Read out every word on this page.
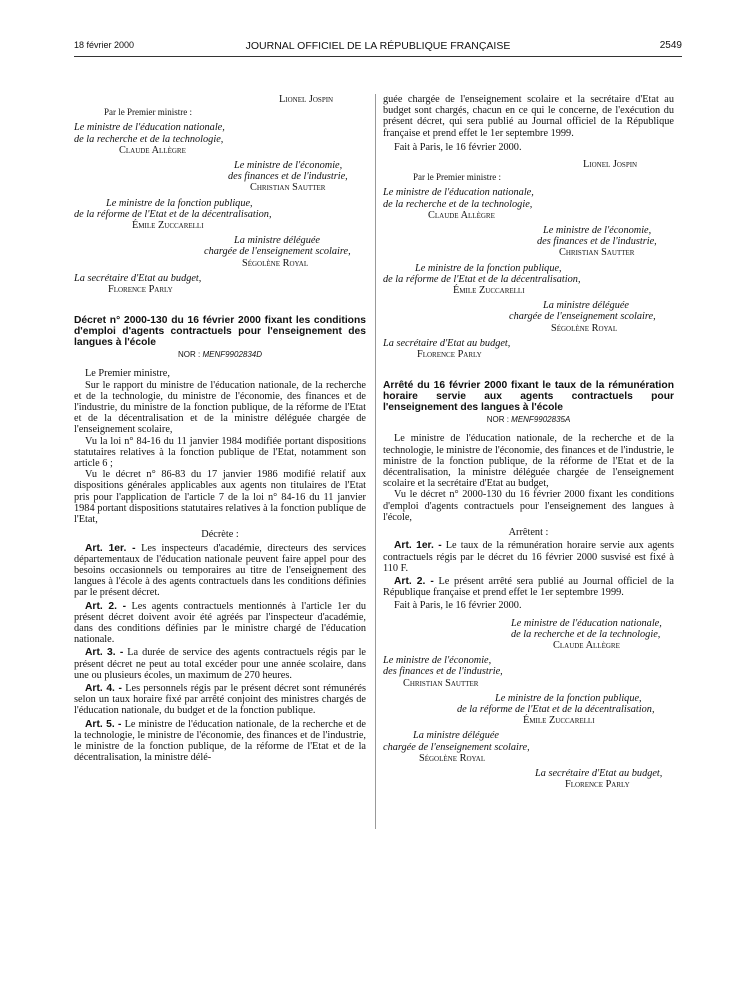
18 février 2000	JOURNAL OFFICIEL DE LA RÉPUBLIQUE FRANÇAISE	2549
Lionel Jospin
Par le Premier ministre :
Le ministre de l'éducation nationale,
de la recherche et de la technologie,
Claude Allègre
Le ministre de l'économie,
des finances et de l'industrie,
Christian Sautter
Le ministre de la fonction publique,
de la réforme de l'Etat et de la décentralisation,
Émile Zuccarelli
La ministre déléguée
chargée de l'enseignement scolaire,
Ségolène Royal
La secrétaire d'Etat au budget,
Florence Parly
Décret n° 2000-130 du 16 février 2000 fixant les conditions d'emploi d'agents contractuels pour l'enseignement des langues à l'école
NOR : MENF9902834D

Le Premier ministre,

Sur le rapport du ministre de l'éducation nationale, de la recherche et de la technologie, du ministre de l'économie, des finances et de l'industrie, du ministre de la fonction publique, de la réforme de l'Etat et de la décentralisation et de la ministre déléguée chargée de l'enseignement scolaire,

Vu la loi n° 84-16 du 11 janvier 1984 modifiée portant dispositions statutaires relatives à la fonction publique de l'Etat, notamment son article 6 ;

Vu le décret n° 86-83 du 17 janvier 1986 modifié relatif aux dispositions générales applicables aux agents non titulaires de l'Etat pris pour l'application de l'article 7 de la loi n° 84-16 du 11 janvier 1984 portant dispositions statutaires relatives à la fonction publique de l'Etat,

Décrète :

Art. 1er. - Les inspecteurs d'académie, directeurs des services départementaux de l'éducation nationale peuvent faire appel pour des besoins occasionnels ou temporaires au titre de l'enseignement des langues à l'école à des agents contractuels dans les conditions définies par le présent décret.

Art. 2. - Les agents contractuels mentionnés à l'article 1er du présent décret doivent avoir été agréés par l'inspecteur d'académie, dans des conditions définies par le ministre chargé de l'éducation nationale.

Art. 3. - La durée de service des agents contractuels régis par le présent décret ne peut au total excéder pour une année scolaire, dans une ou plusieurs écoles, un maximum de 270 heures.

Art. 4. - Les personnels régis par le présent décret sont rémunérés selon un taux horaire fixé par arrêté conjoint des ministres chargés de l'éducation nationale, du budget et de la fonction publique.

Art. 5. - Le ministre de l'éducation nationale, de la recherche et de la technologie, le ministre de l'économie, des finances et de l'industrie, le ministre de la fonction publique, de la réforme de l'Etat et de la décentralisation, la ministre délé-

guée chargée de l'enseignement scolaire et la secrétaire d'Etat au budget sont chargés, chacun en ce qui le concerne, de l'exécution du présent décret, qui sera publié au Journal officiel de la République française et prend effet le 1er septembre 1999.

Fait à Paris, le 16 février 2000.

Lionel Jospin
Par le Premier ministre :
Le ministre de l'éducation nationale,
de la recherche et de la technologie,
Claude Allègre
Le ministre de l'économie,
des finances et de l'industrie,
Christian Sautter
Le ministre de la fonction publique,
de la réforme de l'Etat et de la décentralisation,
Émile Zuccarelli
La ministre déléguée
chargée de l'enseignement scolaire,
Ségolène Royal
La secrétaire d'Etat au budget,
Florence Parly
Arrêté du 16 février 2000 fixant le taux de la rémunération horaire servie aux agents contractuels pour l'enseignement des langues à l'école
NOR : MENF9902835A

Le ministre de l'éducation nationale, de la recherche et de la technologie, le ministre de l'économie, des finances et de l'industrie, le ministre de la fonction publique, de la réforme de l'Etat et de la décentralisation, la ministre déléguée chargée de l'enseignement scolaire et la secrétaire d'Etat au budget,

Vu le décret n° 2000-130 du 16 février 2000 fixant les conditions d'emploi d'agents contractuels pour l'enseignement des langues à l'école,

Arrêtent :

Art. 1er. - Le taux de la rémunération horaire servie aux agents contractuels régis par le décret du 16 février 2000 susvisé est fixé à 110 F.

Art. 2. - Le présent arrêté sera publié au Journal officiel de la République française et prend effet le 1er septembre 1999.

Fait à Paris, le 16 février 2000.

Le ministre de l'éducation nationale,
de la recherche et de la technologie,
Claude Allègre
Le ministre de l'économie,
des finances et de l'industrie,
Christian Sautter
Le ministre de la fonction publique,
de la réforme de l'Etat et de la décentralisation,
Émile Zuccarelli
La ministre déléguée
chargée de l'enseignement scolaire,
Ségolène Royal
La secrétaire d'Etat au budget,
Florence Parly
